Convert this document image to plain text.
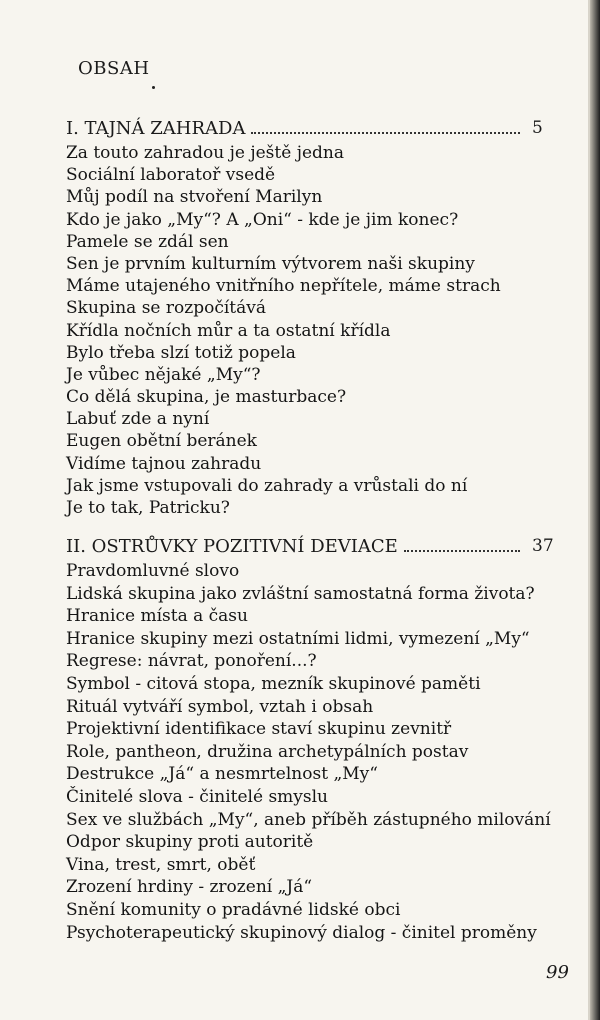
OBSAH
I. TAJNÁ ZAHRADA	5
Za touto zahradou je ještě jedna
Sociální laboratoř vsedě
Můj podíl na stvoření Marilyn
Kdo je jako „My“? A „Oni“ - kde je jim konec?
Pamele se zdál sen
Sen je prvním kulturním výtvorem naši skupiny
Máme utajeného vnitřního nepřítele, máme strach
Skupina se rozpočítává
Křídla nočních můr a ta ostatní křídla
Bylo třeba slzí totiž popela
Je vůbec nějaké „My“?
Co dělá skupina, je masturbace?
Labuť zde a nyní
Eugen obětní beránek
Vidíme tajnou zahradu
Jak jsme vstupovali do zahrady a vrůstali do ní
Je to tak, Patricku?
II. OSTRŮVKY POZITIVNÍ DEVIACE	37
Pravdomluvné slovo
Lidská skupina jako zvláštní samostatná forma života?
Hranice místa a času
Hranice skupiny mezi ostatními lidmi, vymezení „My“
Regrese: návrat, ponoření...?
Symbol - citová stopa, mezník skupinové paměti
Rituál vytváří symbol, vztah i obsah
Projektivní identifikace staví skupinu zevnitř
Role, pantheon, družina archetypálních postav
Destrukce „Já“ a nesmrtelnost „My“
Činitelé slova - činitelé smyslu
Sex ve službách „My“, aneb příběh zástupného milování
Odpor skupiny proti autoritě
Vina, trest, smrt, oběť
Zrození hrdiny - zrození „Já“
Snění komunity o pradávné lidské obci
Psychoterapeutický skupinový dialog - činitel proměny
99
